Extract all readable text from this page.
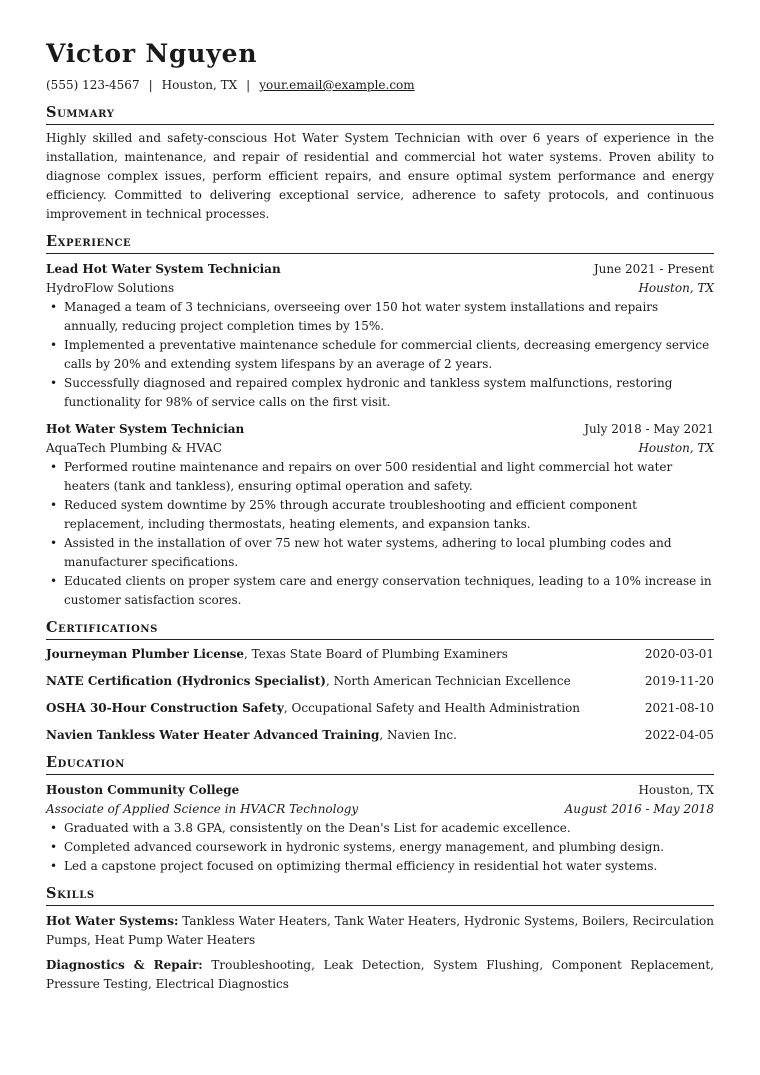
Victor Nguyen
(555) 123-4567 | Houston, TX | your.email@example.com
Summary

Highly skilled and safety-conscious Hot Water System Technician with over 6 years of experience in the installation, maintenance, and repair of residential and commercial hot water systems. Proven ability to diagnose complex issues, perform efficient repairs, and ensure optimal system performance and energy efficiency. Committed to delivering exceptional service, adherence to safety protocols, and continuous improvement in technical processes.

Experience
Lead Hot Water System Technician	June 2021 - Present
HydroFlow Solutions	Houston, TX
• Managed a team of 3 technicians, overseeing over 150 hot water system installations and repairs annually, reducing project completion times by 15%.
• Implemented a preventative maintenance schedule for commercial clients, decreasing emergency service calls by 20% and extending system lifespans by an average of 2 years.
• Successfully diagnosed and repaired complex hydronic and tankless system malfunctions, restoring functionality for 98% of service calls on the first visit.
Hot Water System Technician	July 2018 - May 2021
AquaTech Plumbing & HVAC	Houston, TX
• Performed routine maintenance and repairs on over 500 residential and light commercial hot water heaters (tank and tankless), ensuring optimal operation and safety.
• Reduced system downtime by 25% through accurate troubleshooting and efficient component replacement, including thermostats, heating elements, and expansion tanks.
• Assisted in the installation of over 75 new hot water systems, adhering to local plumbing codes and manufacturer specifications.
• Educated clients on proper system care and energy conservation techniques, leading to a 10% increase in customer satisfaction scores.
Certifications
Journeyman Plumber License, Texas State Board of Plumbing Examiners	2020-03-01
NATE Certification (Hydronics Specialist), North American Technician Excellence	2019-11-20
OSHA 30-Hour Construction Safety, Occupational Safety and Health Administration	2021-08-10
Navien Tankless Water Heater Advanced Training, Navien Inc.	2022-04-05
Education
Houston Community College	Houston, TX
Associate of Applied Science in HVACR Technology	August 2016 - May 2018
• Graduated with a 3.8 GPA, consistently on the Dean's List for academic excellence.
• Completed advanced coursework in hydronic systems, energy management, and plumbing design.
• Led a capstone project focused on optimizing thermal efficiency in residential hot water systems.
Skills
Hot Water Systems: Tankless Water Heaters, Tank Water Heaters, Hydronic Systems, Boilers, Recirculation Pumps, Heat Pump Water Heaters
Diagnostics & Repair: Troubleshooting, Leak Detection, System Flushing, Component Replacement, Pressure Testing, Electrical Diagnostics
